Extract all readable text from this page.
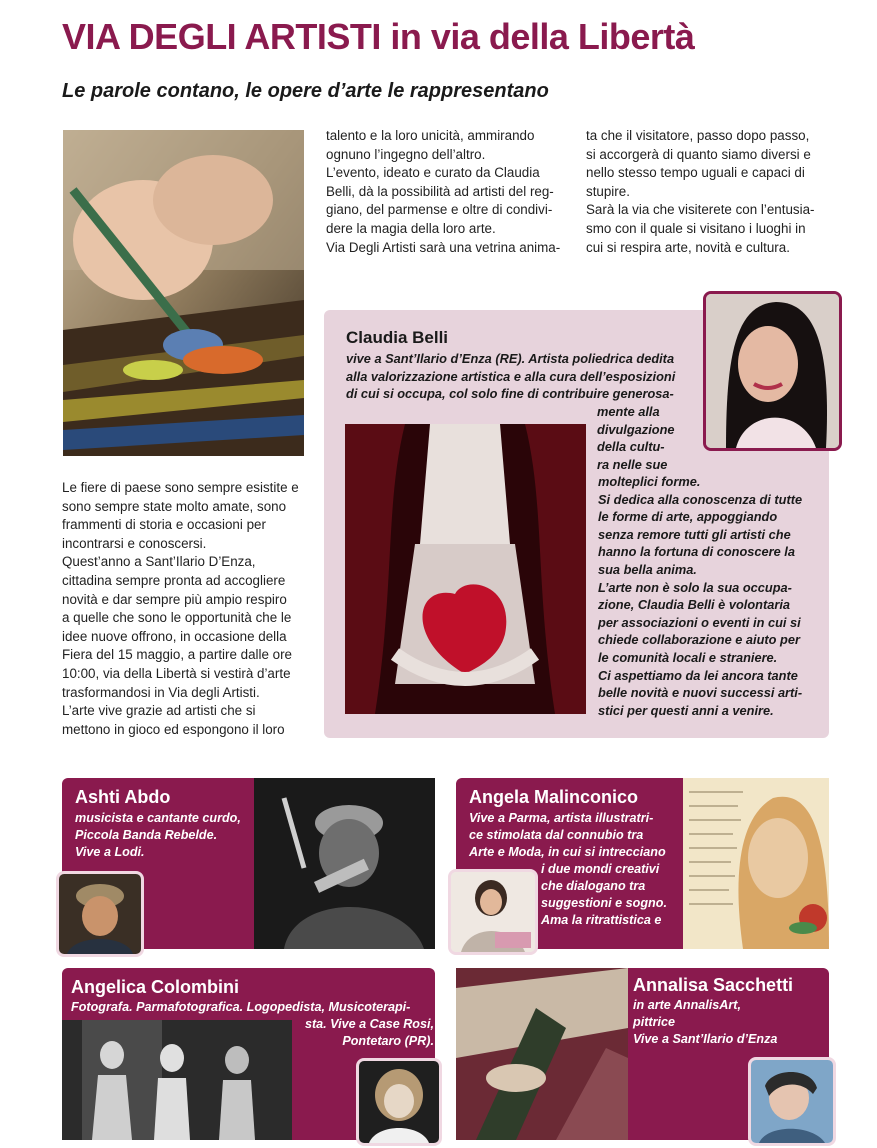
VIA DEGLI ARTISTI in via della Libertà
Le parole contano, le opere d’arte le rappresentano

Le fiere di paese sono sempre esistite e

sono sempre state molto amate, sono

frammenti di storia e occasioni per

incontrarsi e conoscersi.

Quest’anno a Sant’Ilario D’Enza,

cittadina sempre pronta ad accogliere

novità e dar sempre più ampio respiro

a quelle che sono le opportunità che le

idee nuove offrono, in occasione della

Fiera del 15 maggio, a partire dalle ore

10:00, via della Libertà si vestirà d’arte

trasformandosi in Via degli Artisti.

L’arte vive grazie ad artisti che si

mettono in gioco ed espongono il loro

talento e la loro unicità, ammirando

ognuno l’ingegno dell’altro.

L’evento, ideato e curato da Claudia

Belli, dà la possibilità ad artisti del reg-

giano, del parmense e oltre di condivi-

dere la magia della loro arte.

Via Degli Artisti sarà una vetrina anima-

ta che il visitatore, passo dopo passo,

si accorgerà di quanto siamo diversi e

nello stesso tempo uguali e capaci di

stupire.

Sarà la via che visiterete con l’entusia-

smo con il quale si visitano i luoghi in

cui si respira arte, novità e cultura.

Claudia Belli

vive a Sant’Ilario d’Enza (RE). Artista poliedrica dedita

alla valorizzazione artistica e alla cura dell’esposizioni

di cui si occupa, col solo fine di contribuire generosa-

mente alla

divulgazione

della cultu-

ra nelle sue

molteplici forme.

Si dedica alla conoscenza di tutte

le forme di arte, appoggiando

senza remore tutti gli artisti che

hanno la fortuna di conoscere la

sua bella anima.

L’arte non è solo la sua occupa-

zione, Claudia Belli è volontaria

per associazioni o eventi in cui si

chiede collaborazione e aiuto per

le comunità locali e straniere.

Ci aspettiamo da lei ancora tante

belle novità e nuovi successi arti-

stici per questi anni a venire.

Ashti Abdo

musicista e cantante curdo,

Piccola Banda Rebelde.

Vive a Lodi.

Angela Malinconico

Vive a Parma, artista illustratri-

ce stimolata dal connubio tra

Arte e Moda, in cui si intrecciano

i due mondi creativi

che dialogano tra

suggestioni e sogno.

Ama la ritrattistica e

Angelica Colombini

Fotografa. Parmafotografica. Logopedista, Musicoterapi-

sta. Vive a Case Rosi,

Pontetaro (PR).

Annalisa Sacchetti

in arte AnnalisArt,

pittrice

Vive a Sant’Ilario d’Enza
